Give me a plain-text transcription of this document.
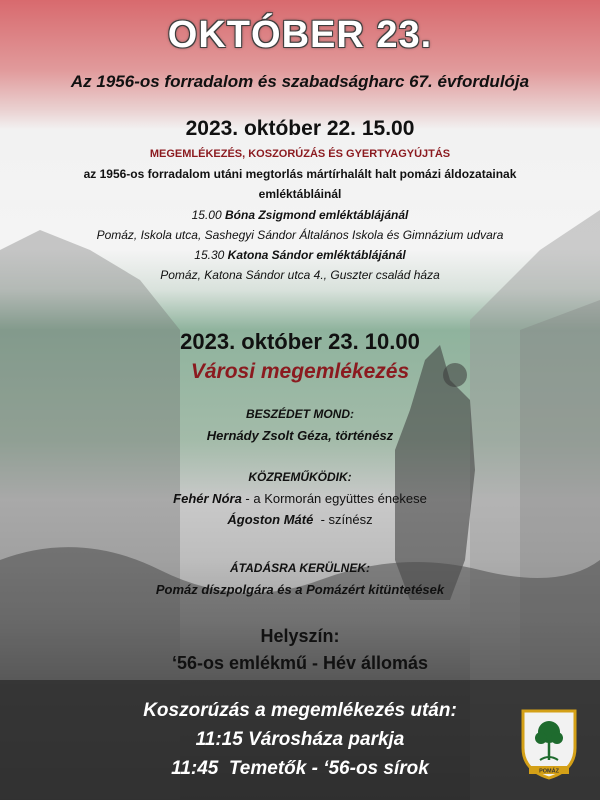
OKTÓBER 23.
Az 1956-os forradalom és szabadságharc 67. évfordulója
2023. október 22. 15.00
MEGEMLÉKEZÉS, KOSZORÚZÁS ÉS GYERTYAGYÚJTÁS
az 1956-os forradalom utáni megtorlás mártírhalált halt pomázi áldozatainak
emléktábláinál
15.00 Bóna Zsigmond emléktáblájánál
Pomáz, Iskola utca, Sashegyi Sándor Általános Iskola és Gimnázium udvara
15.30 Katona Sándor emléktáblájánál
Pomáz, Katona Sándor utca 4., Guszter család háza
2023. október 23. 10.00
Városi megemlékezés
BESZÉDET MOND:
Hernády Zsolt Géza, történész
KÖZREMŰKÖDIK:
Fehér Nóra - a Kormorán együttes énekese
Ágoston Máté  - színész
ÁTADÁSRA KERÜLNEK:
Pomáz díszpolgára és a Pomázért kitüntetések
Helyszín:
‘56-os emlékmű - Hév állomás
Koszorúzás a megemlékezés után:
11:15 Városháza parkja
11:45  Temetők - ‘56-os sírok	POMÁZ
